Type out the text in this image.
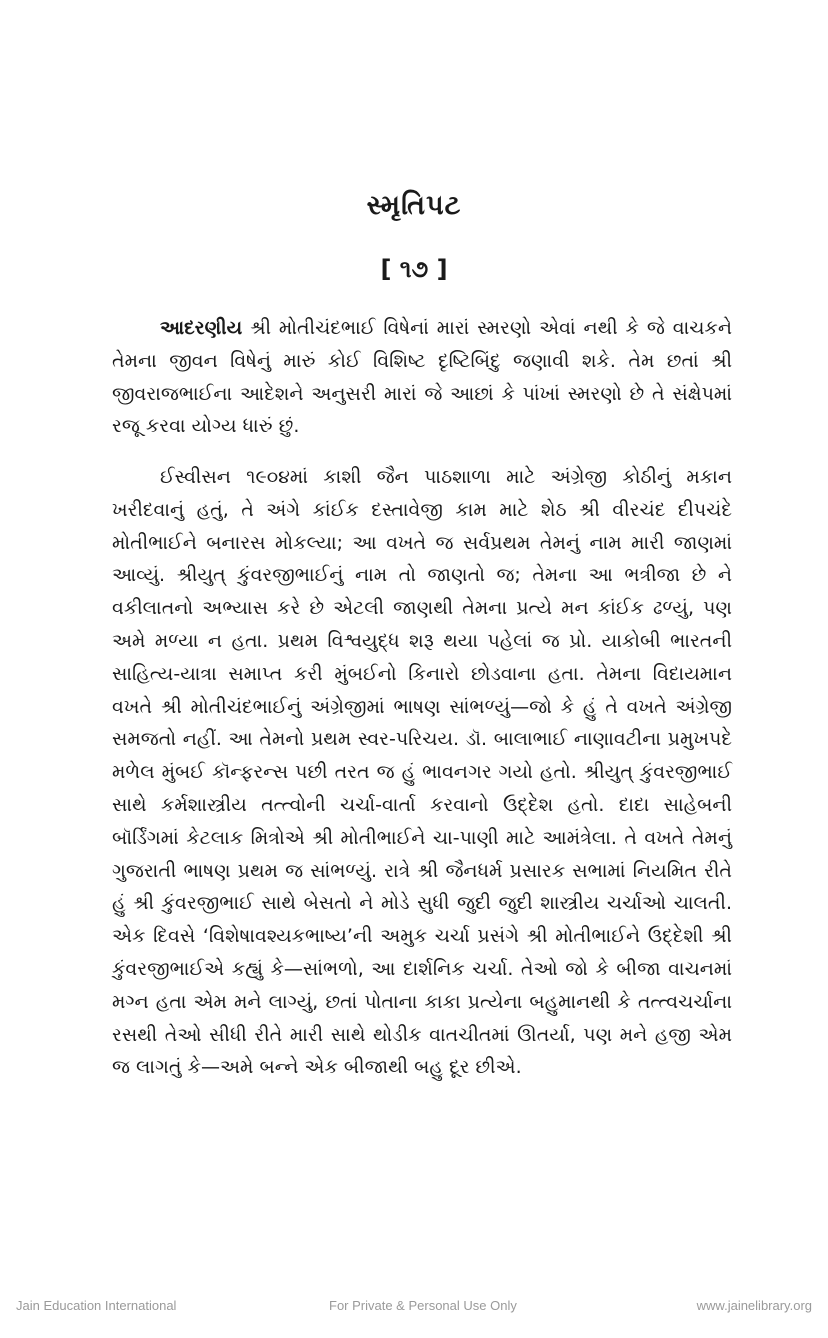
સ્મૃતિપટ
[ ૧૭ ]

આદરણીય શ્રી મોતીચંદભાઈ વિષેનાં મારાં સ્મરણો એવાં નથી કે જે વાચકને તેમના જીવન વિષેનું મારું કોઈ વિશિષ્ટ દૃષ્ટિબિંદુ જણાવી શકે. તેમ છતાં શ્રી જીવરાજભાઈના આદેશને અનુસરી મારાં જે આછાં કે પાંખાં સ્મરણો છે તે સંક્ષેપમાં રજૂ કરવા યોગ્ય ધારું છું.

ઈસ્વીસન ૧૯૦૪માં કાશી જૈન પાઠશાળા માટે અંગ્રેજી કોઠીનું મકાન ખરીદવાનું હતું, તે અંગે કાંઈક દસ્તાવેજી કામ માટે શેઠ શ્રી વીરચંદ દીપચંદે મોતીભાઈને બનારસ મોકલ્યા; આ વખતે જ સર્વપ્રથમ તેમનું નામ મારી જાણમાં આવ્યું. શ્રીયુત્ કુંવરજીભાઈનું નામ તો જાણતો જ; તેમના આ ભત્રીજા છે ને વકીલાતનો અભ્યાસ કરે છે એટલી જાણથી તેમના પ્રત્યે મન કાંઈક ઢળ્યું, પણ અમે મળ્યા ન હતા. પ્રથમ વિશ્વયુદ્ધ શરૂ થયા પહેલાં જ પ્રો. યાકોબી ભારતની સાહિત્ય-યાત્રા સમાપ્ત કરી મુંબઈનો કિનારો છોડવાના હતા. તેમના વિદાયમાન વખતે શ્રી મોતીચંદભાઈનું અંગ્રેજીમાં ભાષણ સાંભળ્યું—જો કે હું તે વખતે અંગ્રેજી સમજતો નહીં. આ તેમનો પ્રથમ સ્વર-પરિચય. ડૉ. બાલાભાઈ નાણાવટીના પ્રમુખપદે મળેલ મુંબઈ કૉન્ફરન્સ પછી તરત જ હું ભાવનગર ગયો હતો. શ્રીયુત્ કુંવરજીભાઈ સાથે કર્મશાસ્ત્રીય તત્ત્વોની ચર્ચા-વાર્તા કરવાનો ઉદ્દેશ હતો. દાદા સાહેબની બૉર્ડિંગમાં કેટલાક મિત્રોએ શ્રી મોતીભાઈને ચા-પાણી માટે આમંત્રેલા. તે વખતે તેમનું ગુજરાતી ભાષણ પ્રથમ જ સાંભળ્યું. રાત્રે શ્રી જૈનધર્મ પ્રસારક સભામાં નિયમિત રીતે હું શ્રી કુંવરજીભાઈ સાથે બેસતો ને મોડે સુધી જુદી જુદી શાસ્ત્રીય ચર્ચાઓ ચાલતી. એક દિવસે ‘વિશેષાવશ્યકભાષ્ય’ની અમુક ચર્ચા પ્રસંગે શ્રી મોતીભાઈને ઉદ્દેશી શ્રી કુંવરજીભાઈએ કહ્યું કે—સાંભળો, આ દાર્શનિક ચર્ચા. તેઓ જો કે બીજા વાચનમાં મગ્ન હતા એમ મને લાગ્યું, છતાં પોતાના કાકા પ્રત્યેના બહુમાનથી કે તત્ત્વચર્ચાના રસથી તેઓ સીધી રીતે મારી સાથે થોડીક વાતચીતમાં ઊતર્યા, પણ મને હજી એમ જ લાગતું કે—અમે બન્ને એક બીજાથી બહુ દૂર છીએ.

Jain Education International	For Private & Personal Use Only	www.jainelibrary.org
